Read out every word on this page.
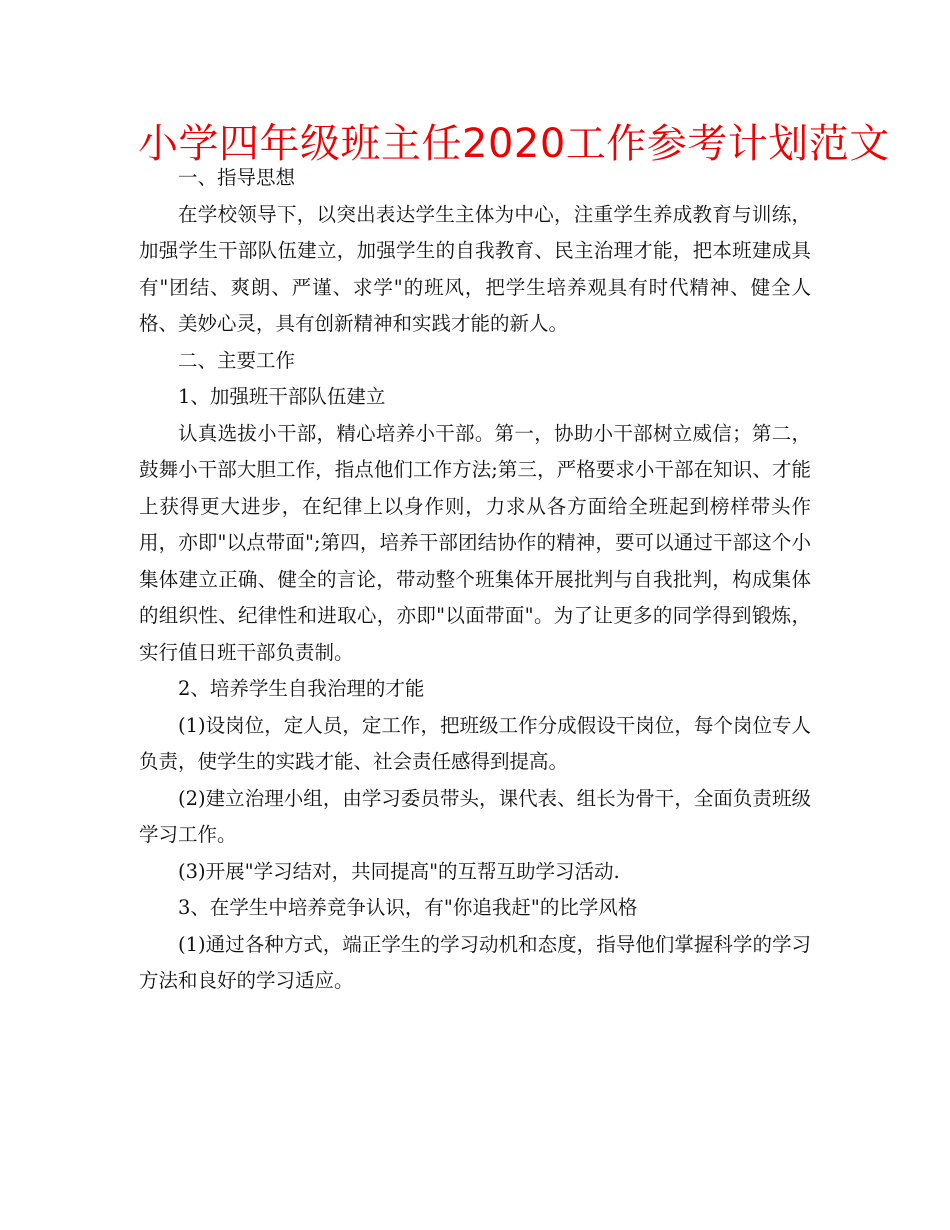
小学四年级班主任2020工作参考计划范文

一、指导思想

在学校领导下，以突出表达学生主体为中心，注重学生养成教育与训练，加强学生干部队伍建立，加强学生的自我教育、民主治理才能，把本班建成具有"团结、爽朗、严谨、求学"的班风，把学生培养观具有时代精神、健全人格、美妙心灵，具有创新精神和实践才能的新人。

二、主要工作

1、加强班干部队伍建立

认真选拔小干部，精心培养小干部。第一，协助小干部树立威信；第二，鼓舞小干部大胆工作，指点他们工作方法;第三，严格要求小干部在知识、才能上获得更大进步，在纪律上以身作则，力求从各方面给全班起到榜样带头作用，亦即"以点带面";第四，培养干部团结协作的精神，要可以通过干部这个小集体建立正确、健全的言论，带动整个班集体开展批判与自我批判，构成集体的组织性、纪律性和进取心，亦即"以面带面"。为了让更多的同学得到锻炼，实行值日班干部负责制。

2、培养学生自我治理的才能

(1)设岗位，定人员，定工作，把班级工作分成假设干岗位，每个岗位专人负责，使学生的实践才能、社会责任感得到提高。

(2)建立治理小组，由学习委员带头，课代表、组长为骨干，全面负责班级学习工作。

(3)开展"学习结对，共同提高"的互帮互助学习活动.

3、在学生中培养竞争认识，有"你追我赶"的比学风格

(1)通过各种方式，端正学生的学习动机和态度，指导他们掌握科学的学习方法和良好的学习适应。
